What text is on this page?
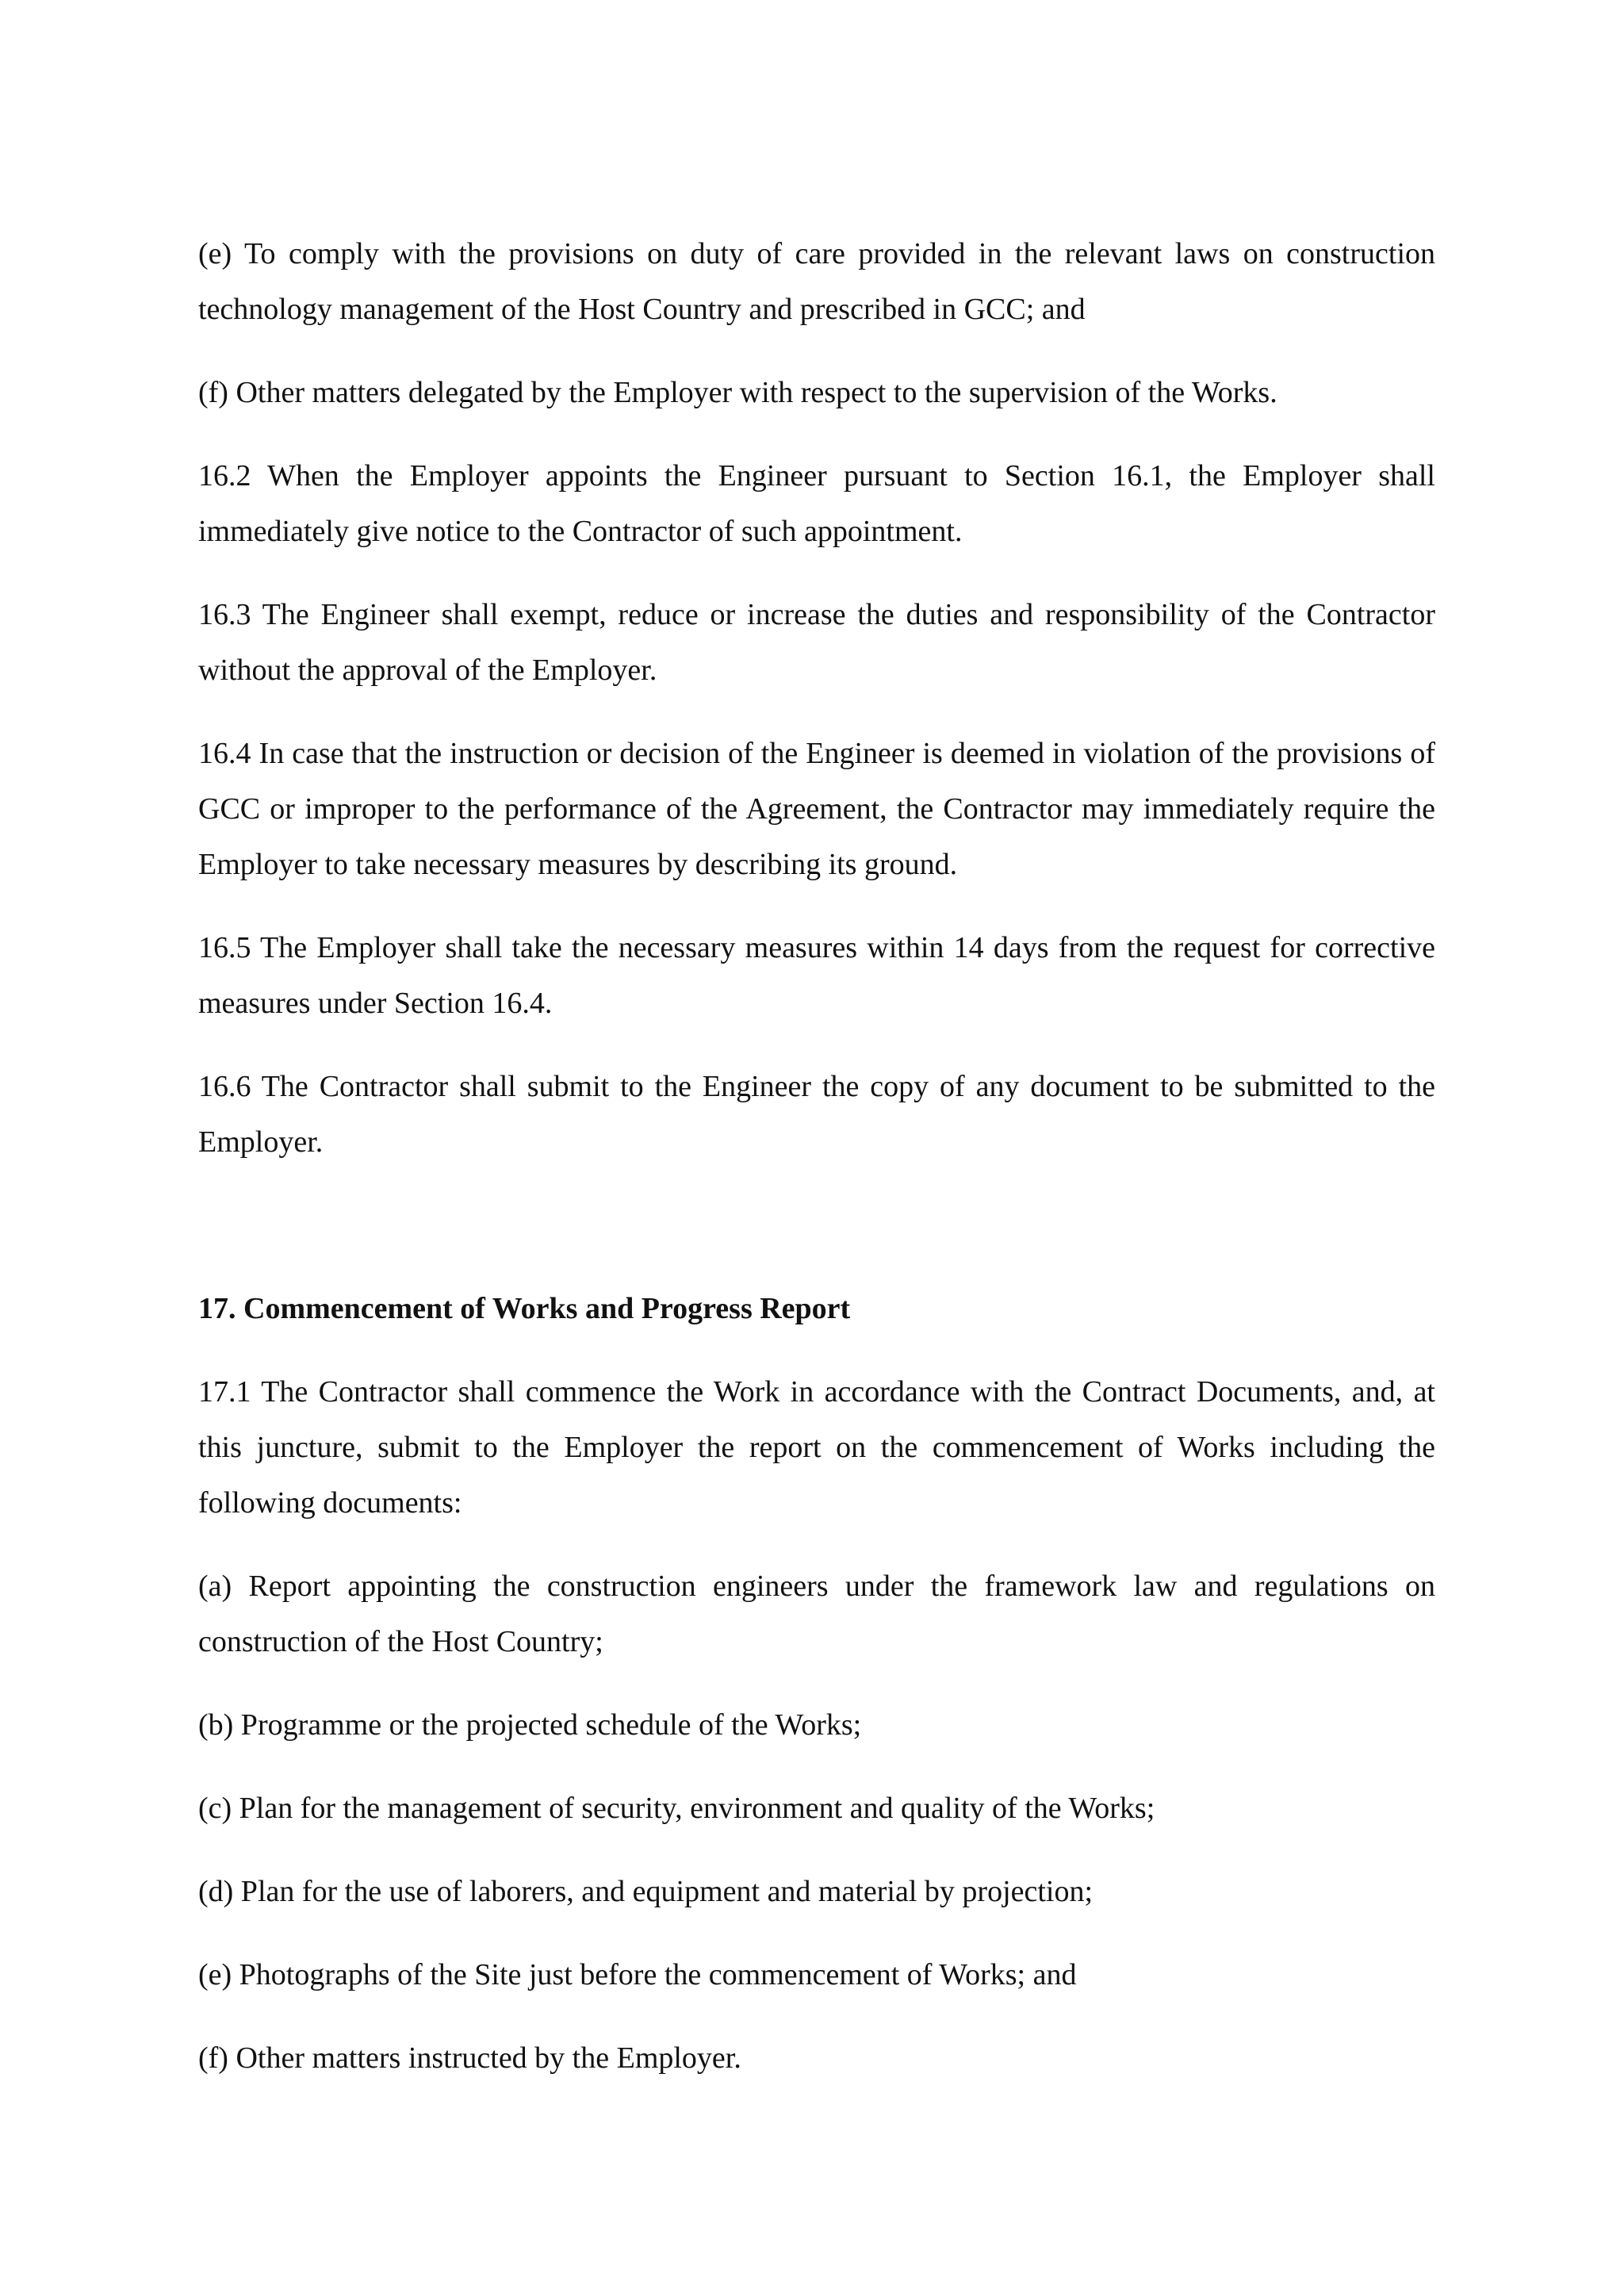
(e) To comply with the provisions on duty of care provided in the relevant laws on construction technology management of the Host Country and prescribed in GCC; and

(f) Other matters delegated by the Employer with respect to the supervision of the Works.

16.2 When the Employer appoints the Engineer pursuant to Section 16.1, the Employer shall immediately give notice to the Contractor of such appointment.

16.3 The Engineer shall exempt, reduce or increase the duties and responsibility of the Contractor without the approval of the Employer.

16.4 In case that the instruction or decision of the Engineer is deemed in violation of the provisions of GCC or improper to the performance of the Agreement, the Contractor may immediately require the Employer to take necessary measures by describing its ground.

16.5 The Employer shall take the necessary measures within 14 days from the request for corrective measures under Section 16.4.

16.6 The Contractor shall submit to the Engineer the copy of any document to be submitted to the Employer.

17. Commencement of Works and Progress Report

17.1 The Contractor shall commence the Work in accordance with the Contract Documents, and, at this juncture, submit to the Employer the report on the commencement of Works including the following documents:

(a) Report appointing the construction engineers under the framework law and regulations on construction of the Host Country;

(b) Programme or the projected schedule of the Works;

(c) Plan for the management of security, environment and quality of the Works;

(d) Plan for the use of laborers, and equipment and material by projection;

(e) Photographs of the Site just before the commencement of Works; and

(f) Other matters instructed by the Employer.
